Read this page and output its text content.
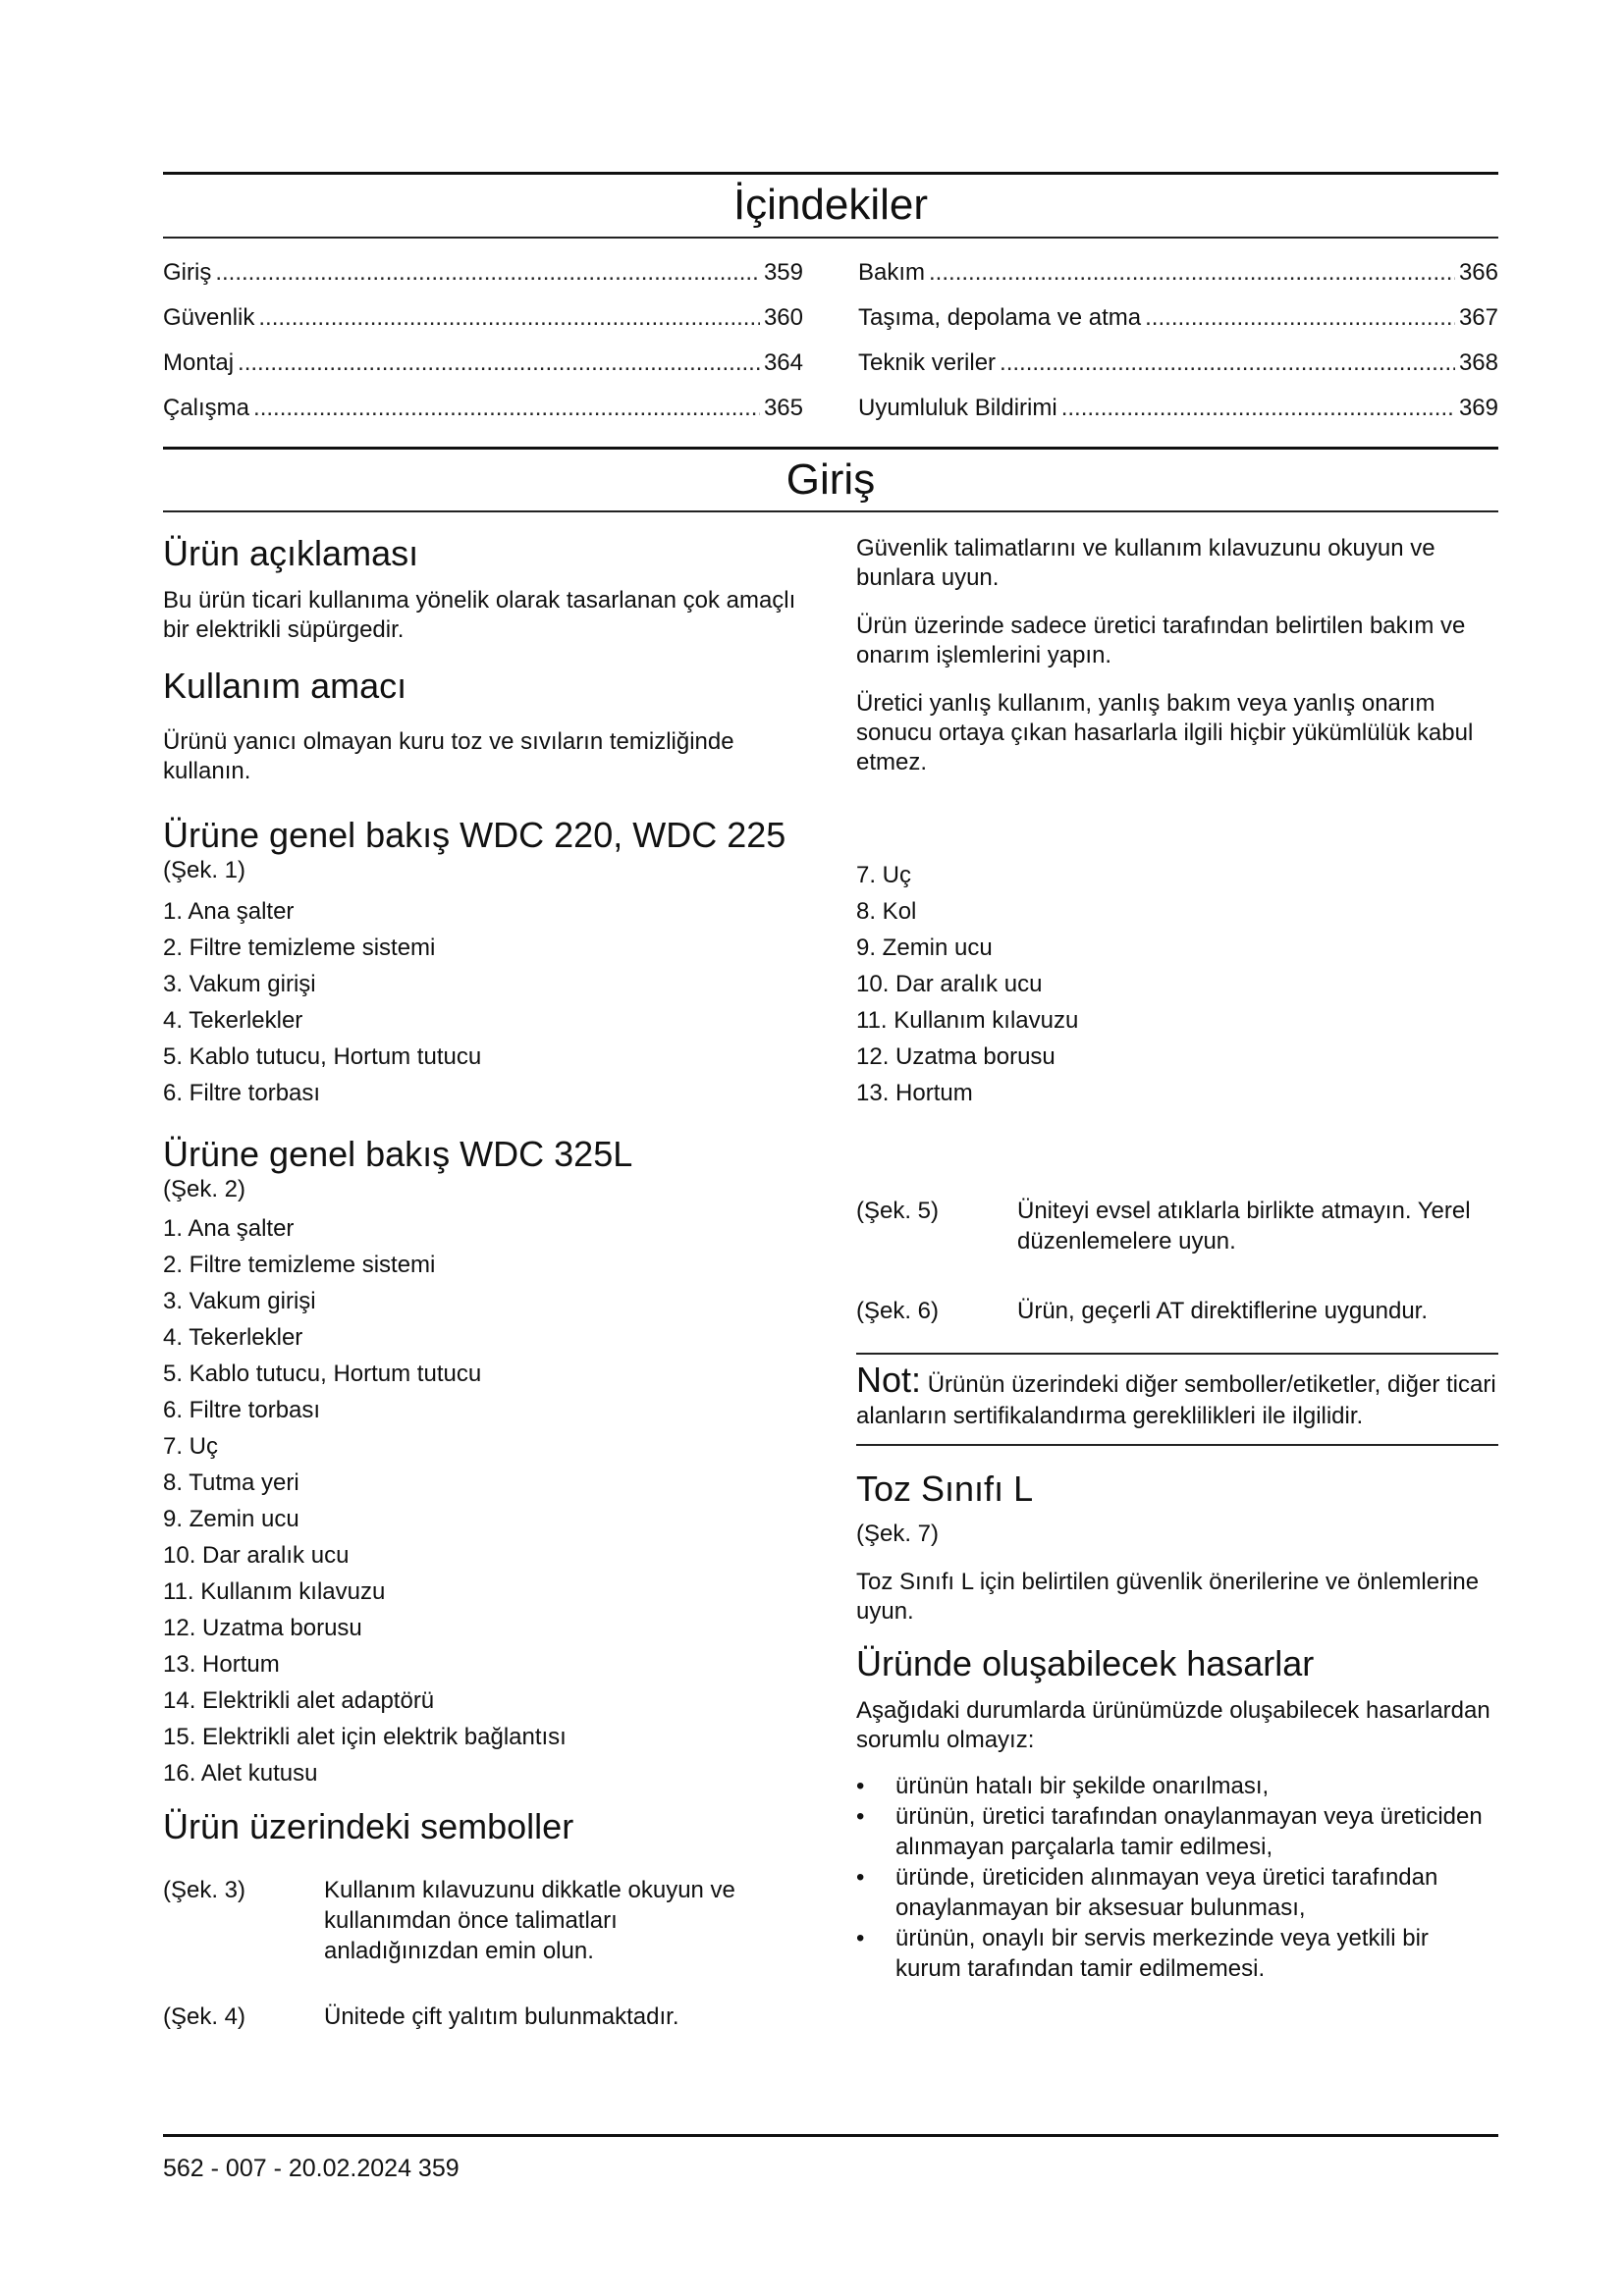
İçindekiler
Giriş .....	359
Güvenlik .....	360
Montaj .....	364
Çalışma .....	365
Bakım .....	366
Taşıma, depolama ve atma .....	367
Teknik veriler .....	368
Uyumluluk Bildirimi .....	369
Giriş
Ürün açıklaması

Bu ürün ticari kullanıma yönelik olarak tasarlanan çok amaçlı bir elektrikli süpürgedir.

Kullanım amacı

Ürünü yanıcı olmayan kuru toz ve sıvıların temizliğinde kullanın.

Güvenlik talimatlarını ve kullanım kılavuzunu okuyun ve bunlara uyun.

Ürün üzerinde sadece üretici tarafından belirtilen bakım ve onarım işlemlerini yapın.

Üretici yanlış kullanım, yanlış bakım veya yanlış onarım sonucu ortaya çıkan hasarlarla ilgili hiçbir yükümlülük kabul etmez.

Ürüne genel bakış WDC 220, WDC 225

(Şek. 1)

1. Ana şalter
2. Filtre temizleme sistemi
3. Vakum girişi
4. Tekerlekler
5. Kablo tutucu, Hortum tutucu
6. Filtre torbası
7. Uç
8. Kol
9. Zemin ucu
10. Dar aralık ucu
11. Kullanım kılavuzu
12. Uzatma borusu
13. Hortum
Ürüne genel bakış WDC 325L

(Şek. 2)

1. Ana şalter
2. Filtre temizleme sistemi
3. Vakum girişi
4. Tekerlekler
5. Kablo tutucu, Hortum tutucu
6. Filtre torbası
7. Uç
8. Tutma yeri
9. Zemin ucu
10. Dar aralık ucu
11. Kullanım kılavuzu
12. Uzatma borusu
13. Hortum
14. Elektrikli alet adaptörü
15. Elektrikli alet için elektrik bağlantısı
16. Alet kutusu
Ürün üzerindeki semboller
(Şek. 3)	Kullanım kılavuzunu dikkatle okuyun ve kullanımdan önce talimatları anladığınızdan emin olun.
(Şek. 4)	Ünitede çift yalıtım bulunmaktadır.
(Şek. 5)	Üniteyi evsel atıklarla birlikte atmayın. Yerel düzenlemelere uyun.
(Şek. 6)	Ürün, geçerli AT direktiflerine uygundur.

Not: Ürünün üzerindeki diğer semboller/etiketler, diğer ticari alanların sertifikalandırma gereklilikleri ile ilgilidir.

Toz Sınıfı L

(Şek. 7)

Toz Sınıfı L için belirtilen güvenlik önerilerine ve önlemlerine uyun.

Üründe oluşabilecek hasarlar

Aşağıdaki durumlarda ürünümüzde oluşabilecek hasarlardan sorumlu olmayız:

• ürünün hatalı bir şekilde onarılması,

• ürünün, üretici tarafından onaylanmayan veya üreticiden alınmayan parçalarla tamir edilmesi,

• üründe, üreticiden alınmayan veya üretici tarafından onaylanmayan bir aksesuar bulunması,

• ürünün, onaylı bir servis merkezinde veya yetkili bir kurum tarafından tamir edilmemesi.

562 - 007 - 20.02.2024 359
